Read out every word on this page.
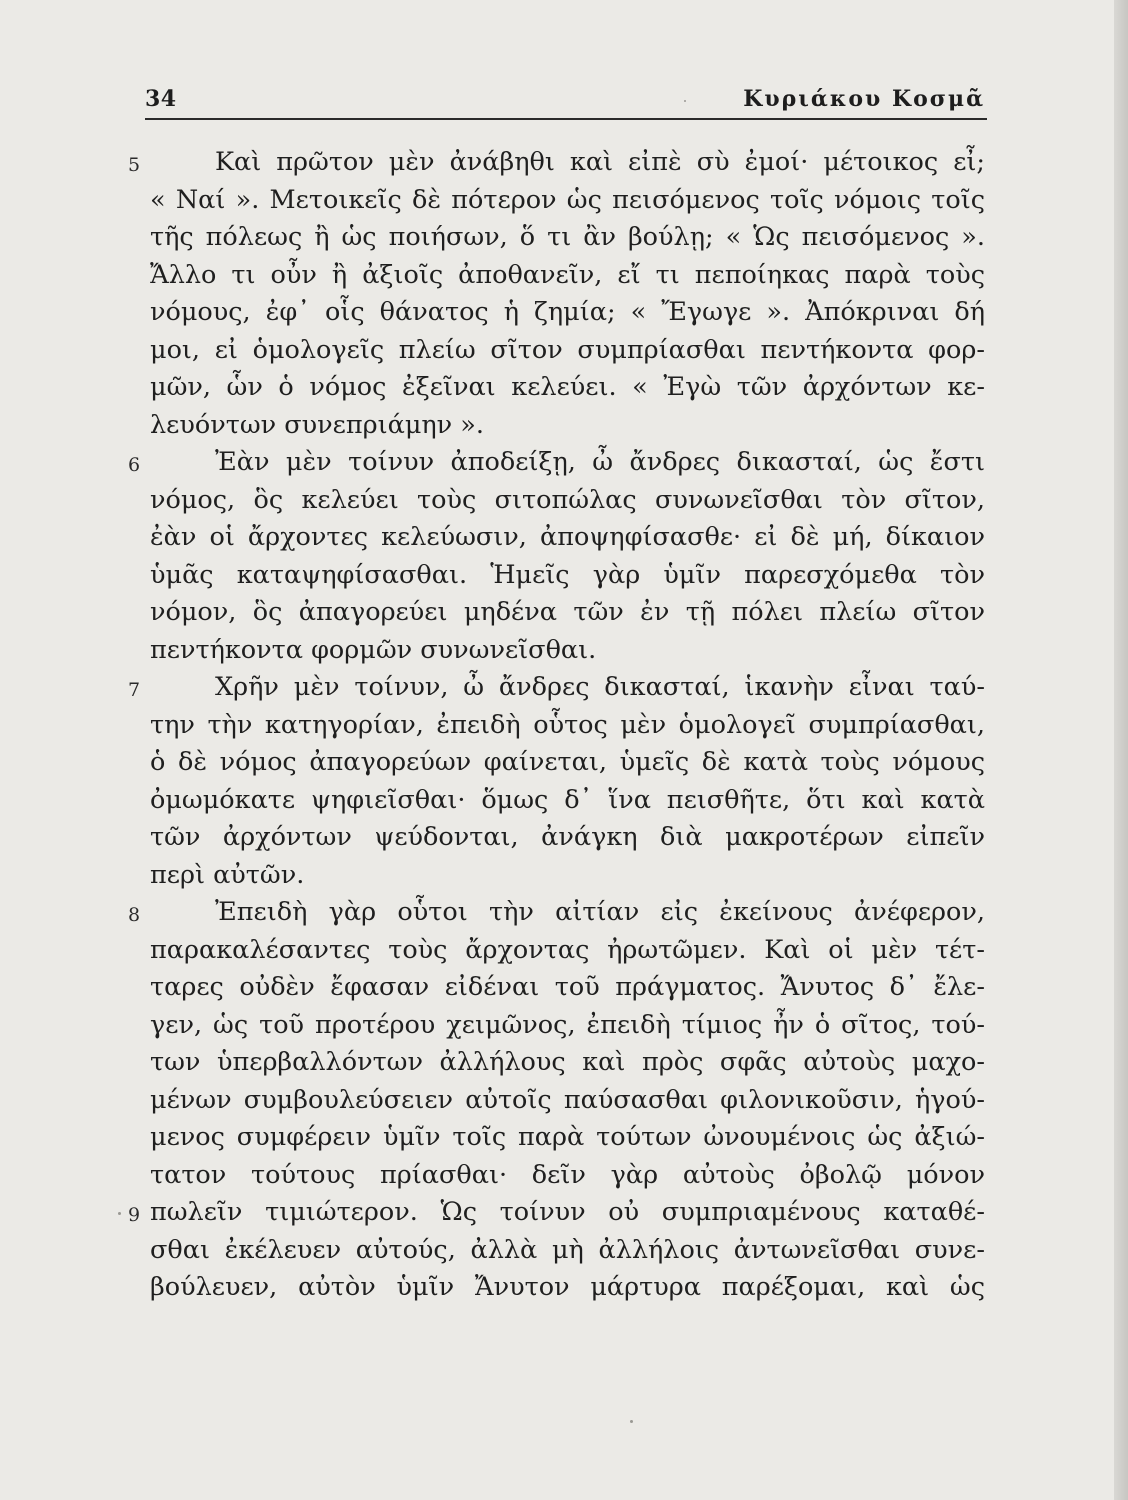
34	Κυριάκου Κοσμᾶ
5	Καὶ πρῶτον μὲν ἀνάβηθι καὶ εἰπὲ σὺ ἐμοί· μέτοικος εἶ;
« Ναί ». Μετοικεῖς δὲ πότερον ὡς πεισόμενος τοῖς νόμοις τοῖς
τῆς πόλεως ἢ ὡς ποιήσων, ὅ τι ἂν βούλῃ; « Ὡς πεισόμενος ».
Ἄλλο τι οὖν ἢ ἀξιοῖς ἀποθανεῖν, εἴ τι πεποίηκας παρὰ τοὺς
νόμους, ἐφ᾽ οἷς θάνατος ἡ ζημία; « Ἔγωγε ». Ἀπόκριναι δή
μοι, εἰ ὁμολογεῖς πλείω σῖτον συμπρίασθαι πεντήκοντα φορ-
μῶν, ὧν ὁ νόμος ἐξεῖναι κελεύει. « Ἐγὼ τῶν ἀρχόντων κε-
λευόντων συνεπριάμην ».
6	Ἐὰν μὲν τοίνυν ἀποδείξῃ, ὦ ἄνδρες δικασταί, ὡς ἔστι
νόμος, ὃς κελεύει τοὺς σιτοπώλας συνωνεῖσθαι τὸν σῖτον,
ἐὰν οἱ ἄρχοντες κελεύωσιν, ἀποψηφίσασθε· εἰ δὲ μή, δίκαιον
ὑμᾶς καταψηφίσασθαι. Ἡμεῖς γὰρ ὑμῖν παρεσχόμεθα τὸν
νόμον, ὃς ἀπαγορεύει μηδένα τῶν ἐν τῇ πόλει πλείω σῖτον
πεντήκοντα φορμῶν συνωνεῖσθαι.
7	Χρῆν μὲν τοίνυν, ὦ ἄνδρες δικασταί, ἱκανὴν εἶναι ταύ-
την τὴν κατηγορίαν, ἐπειδὴ οὗτος μὲν ὁμολογεῖ συμπρίασθαι,
ὁ δὲ νόμος ἀπαγορεύων φαίνεται, ὑμεῖς δὲ κατὰ τοὺς νόμους
ὀμωμόκατε ψηφιεῖσθαι· ὅμως δ᾽ ἵνα πεισθῆτε, ὅτι καὶ κατὰ
τῶν ἀρχόντων ψεύδονται, ἀνάγκη διὰ μακροτέρων εἰπεῖν
περὶ αὐτῶν.
8	Ἐπειδὴ γὰρ οὗτοι τὴν αἰτίαν εἰς ἐκείνους ἀνέφερον,
παρακαλέσαντες τοὺς ἄρχοντας ἠρωτῶμεν. Καὶ οἱ μὲν τέτ-
ταρες οὐδὲν ἔφασαν εἰδέναι τοῦ πράγματος. Ἄνυτος δ᾽ ἔλε-
γεν, ὡς τοῦ προτέρου χειμῶνος, ἐπειδὴ τίμιος ἦν ὁ σῖτος, τού-
των ὑπερβαλλόντων ἀλλήλους καὶ πρὸς σφᾶς αὐτοὺς μαχο-
μένων συμβουλεύσειεν αὐτοῖς παύσασθαι φιλονικοῦσιν, ἡγού-
μενος συμφέρειν ὑμῖν τοῖς παρὰ τούτων ὠνουμένοις ὡς ἀξιώ-
τατον τούτους πρίασθαι· δεῖν γὰρ αὐτοὺς ὀβολῷ μόνον
9 πωλεῖν τιμιώτερον. Ὡς τοίνυν οὐ συμπριαμένους καταθέ-
σθαι ἐκέλευεν αὐτούς, ἀλλὰ μὴ ἀλλήλοις ἀντωνεῖσθαι συνε-
βούλευεν, αὐτὸν ὑμῖν Ἄνυτον μάρτυρα παρέξομαι, καὶ ὡς
